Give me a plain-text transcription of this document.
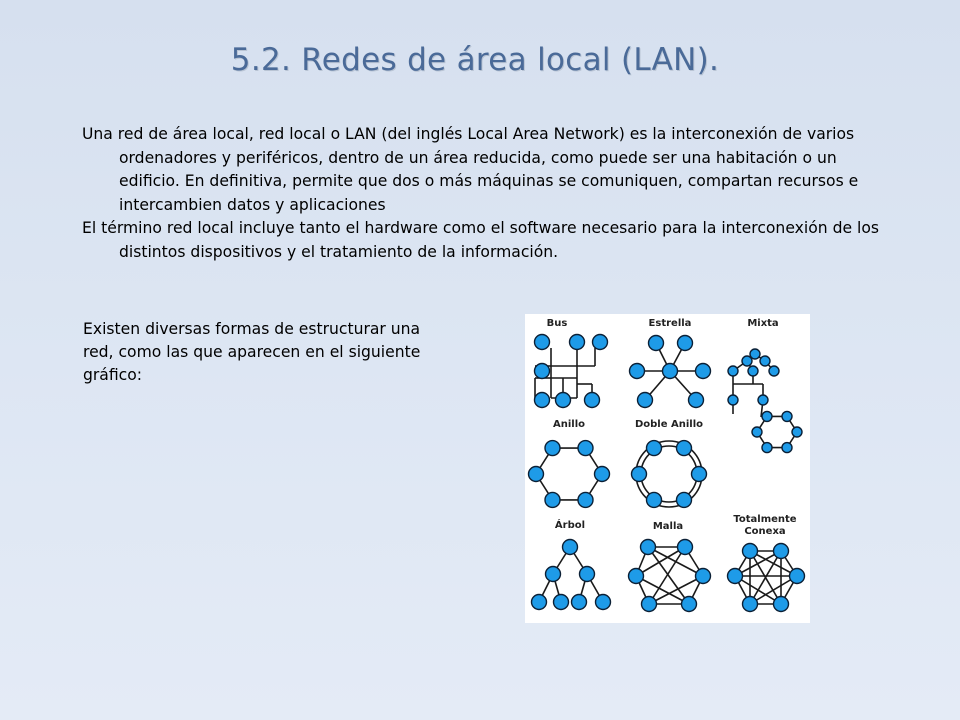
5.2. Redes de área local (LAN).

Una red de área local, red local o LAN (del inglés Local Area Network) es la interconexión de varios ordenadores y periféricos, dentro de un área reducida, como puede ser una habitación o un edificio. En definitiva, permite que dos o más máquinas se comuniquen, compartan recursos e intercambien datos y aplicaciones

El término red local incluye tanto el hardware como el software necesario para la interconexión de los distintos dispositivos y el tratamiento de la información.

Existen diversas formas de estructurar una red, como las que aparecen en el siguiente gráfico:
Bus	Estrella	Mixta
Anillo	Doble Anillo
Árbol	Malla
Totalmente
Conexa
